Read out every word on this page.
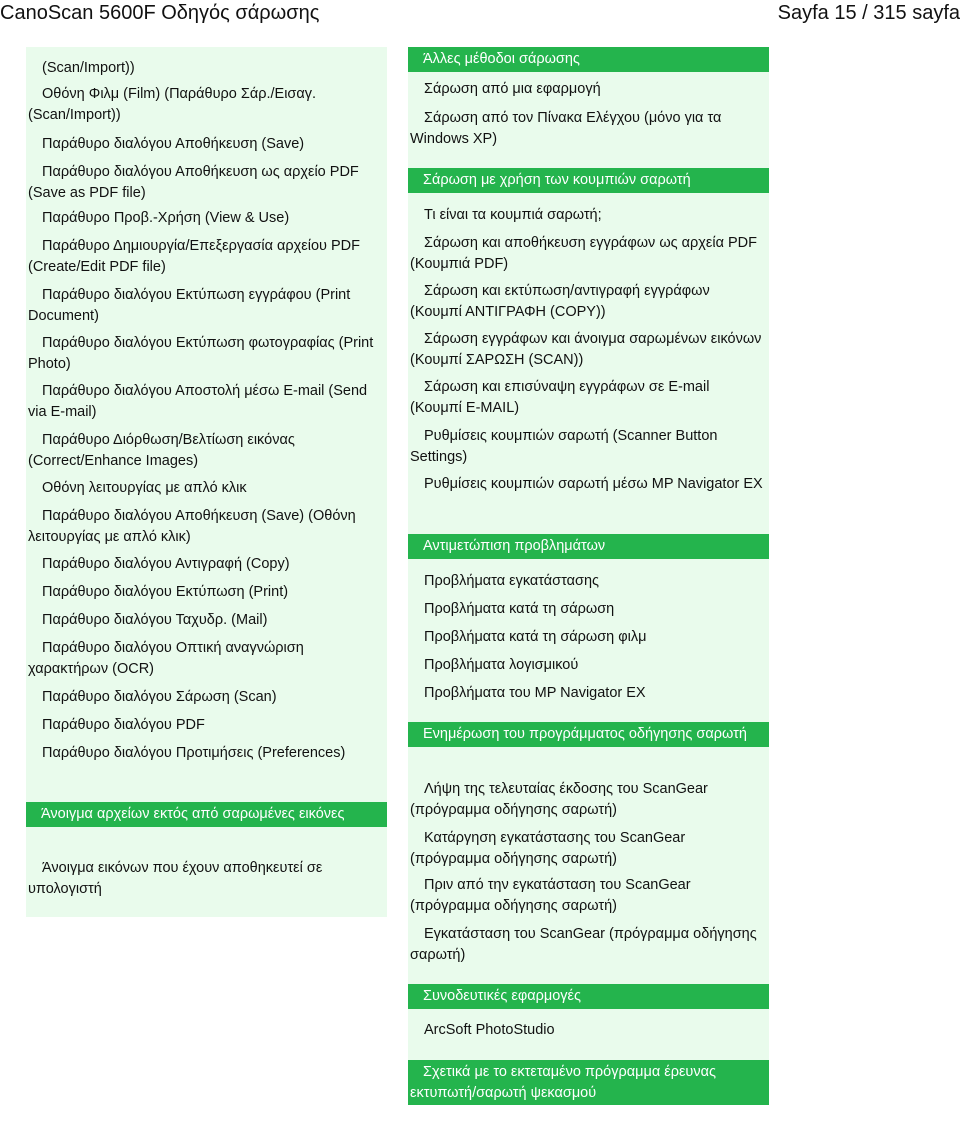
CanoScan 5600F Οδηγός σάρωσης	Sayfa 15 / 315 sayfa
(Scan/Import))
Οθόνη Φιλμ (Film) (Παράθυρο Σάρ./Εισαγ. (Scan/Import))
Παράθυρο διαλόγου Αποθήκευση (Save)
Παράθυρο διαλόγου Αποθήκευση ως αρχείο PDF (Save as PDF file)
Παράθυρο Προβ.-Χρήση (View & Use)
Παράθυρο Δημιουργία/Επεξεργασία αρχείου PDF (Create/Edit PDF file)
Παράθυρο διαλόγου Εκτύπωση εγγράφου (Print Document)
Παράθυρο διαλόγου Εκτύπωση φωτογραφίας (Print Photo)
Παράθυρο διαλόγου Αποστολή μέσω E-mail (Send via E-mail)
Παράθυρο Διόρθωση/Βελτίωση εικόνας (Correct/Enhance Images)
Οθόνη λειτουργίας με απλό κλικ
Παράθυρο διαλόγου Αποθήκευση (Save) (Οθόνη λειτουργίας με απλό κλικ)
Παράθυρο διαλόγου Αντιγραφή (Copy)
Παράθυρο διαλόγου Εκτύπωση (Print)
Παράθυρο διαλόγου Ταχυδρ. (Mail)
Παράθυρο διαλόγου Οπτική αναγνώριση χαρακτήρων (OCR)
Παράθυρο διαλόγου Σάρωση (Scan)
Παράθυρο διαλόγου PDF
Παράθυρο διαλόγου Προτιμήσεις (Preferences)
Άνοιγμα αρχείων εκτός από σαρωμένες εικόνες
Άνοιγμα εικόνων που έχουν αποθηκευτεί σε υπολογιστή
Άλλες μέθοδοι σάρωσης
Σάρωση από μια εφαρμογή
Σάρωση από τον Πίνακα Ελέγχου (μόνο για τα Windows XP)
Σάρωση με χρήση των κουμπιών σαρωτή
Τι είναι τα κουμπιά σαρωτή;
Σάρωση και αποθήκευση εγγράφων ως αρχεία PDF (Κουμπιά PDF)
Σάρωση και εκτύπωση/αντιγραφή εγγράφων (Κουμπί ΑΝΤΙΓΡΑΦΗ (COPY))
Σάρωση εγγράφων και άνοιγμα σαρωμένων εικόνων (Κουμπί ΣΑΡΩΣΗ (SCAN))
Σάρωση και επισύναψη εγγράφων σε E-mail (Κουμπί E-MAIL)
Ρυθμίσεις κουμπιών σαρωτή (Scanner Button Settings)
Ρυθμίσεις κουμπιών σαρωτή μέσω MP Navigator EX
Αντιμετώπιση προβλημάτων
Προβλήματα εγκατάστασης
Προβλήματα κατά τη σάρωση
Προβλήματα κατά τη σάρωση φιλμ
Προβλήματα λογισμικού
Προβλήματα του MP Navigator EX
Ενημέρωση του προγράμματος οδήγησης σαρωτή
Λήψη της τελευταίας έκδοσης του ScanGear (πρόγραμμα οδήγησης σαρωτή)
Κατάργηση εγκατάστασης του ScanGear (πρόγραμμα οδήγησης σαρωτή)
Πριν από την εγκατάσταση του ScanGear (πρόγραμμα οδήγησης σαρωτή)
Εγκατάσταση του ScanGear (πρόγραμμα οδήγησης σαρωτή)
Συνοδευτικές εφαρμογές
ArcSoft PhotoStudio
Σχετικά με το εκτεταμένο πρόγραμμα έρευνας εκτυπωτή/σαρωτή ψεκασμού
